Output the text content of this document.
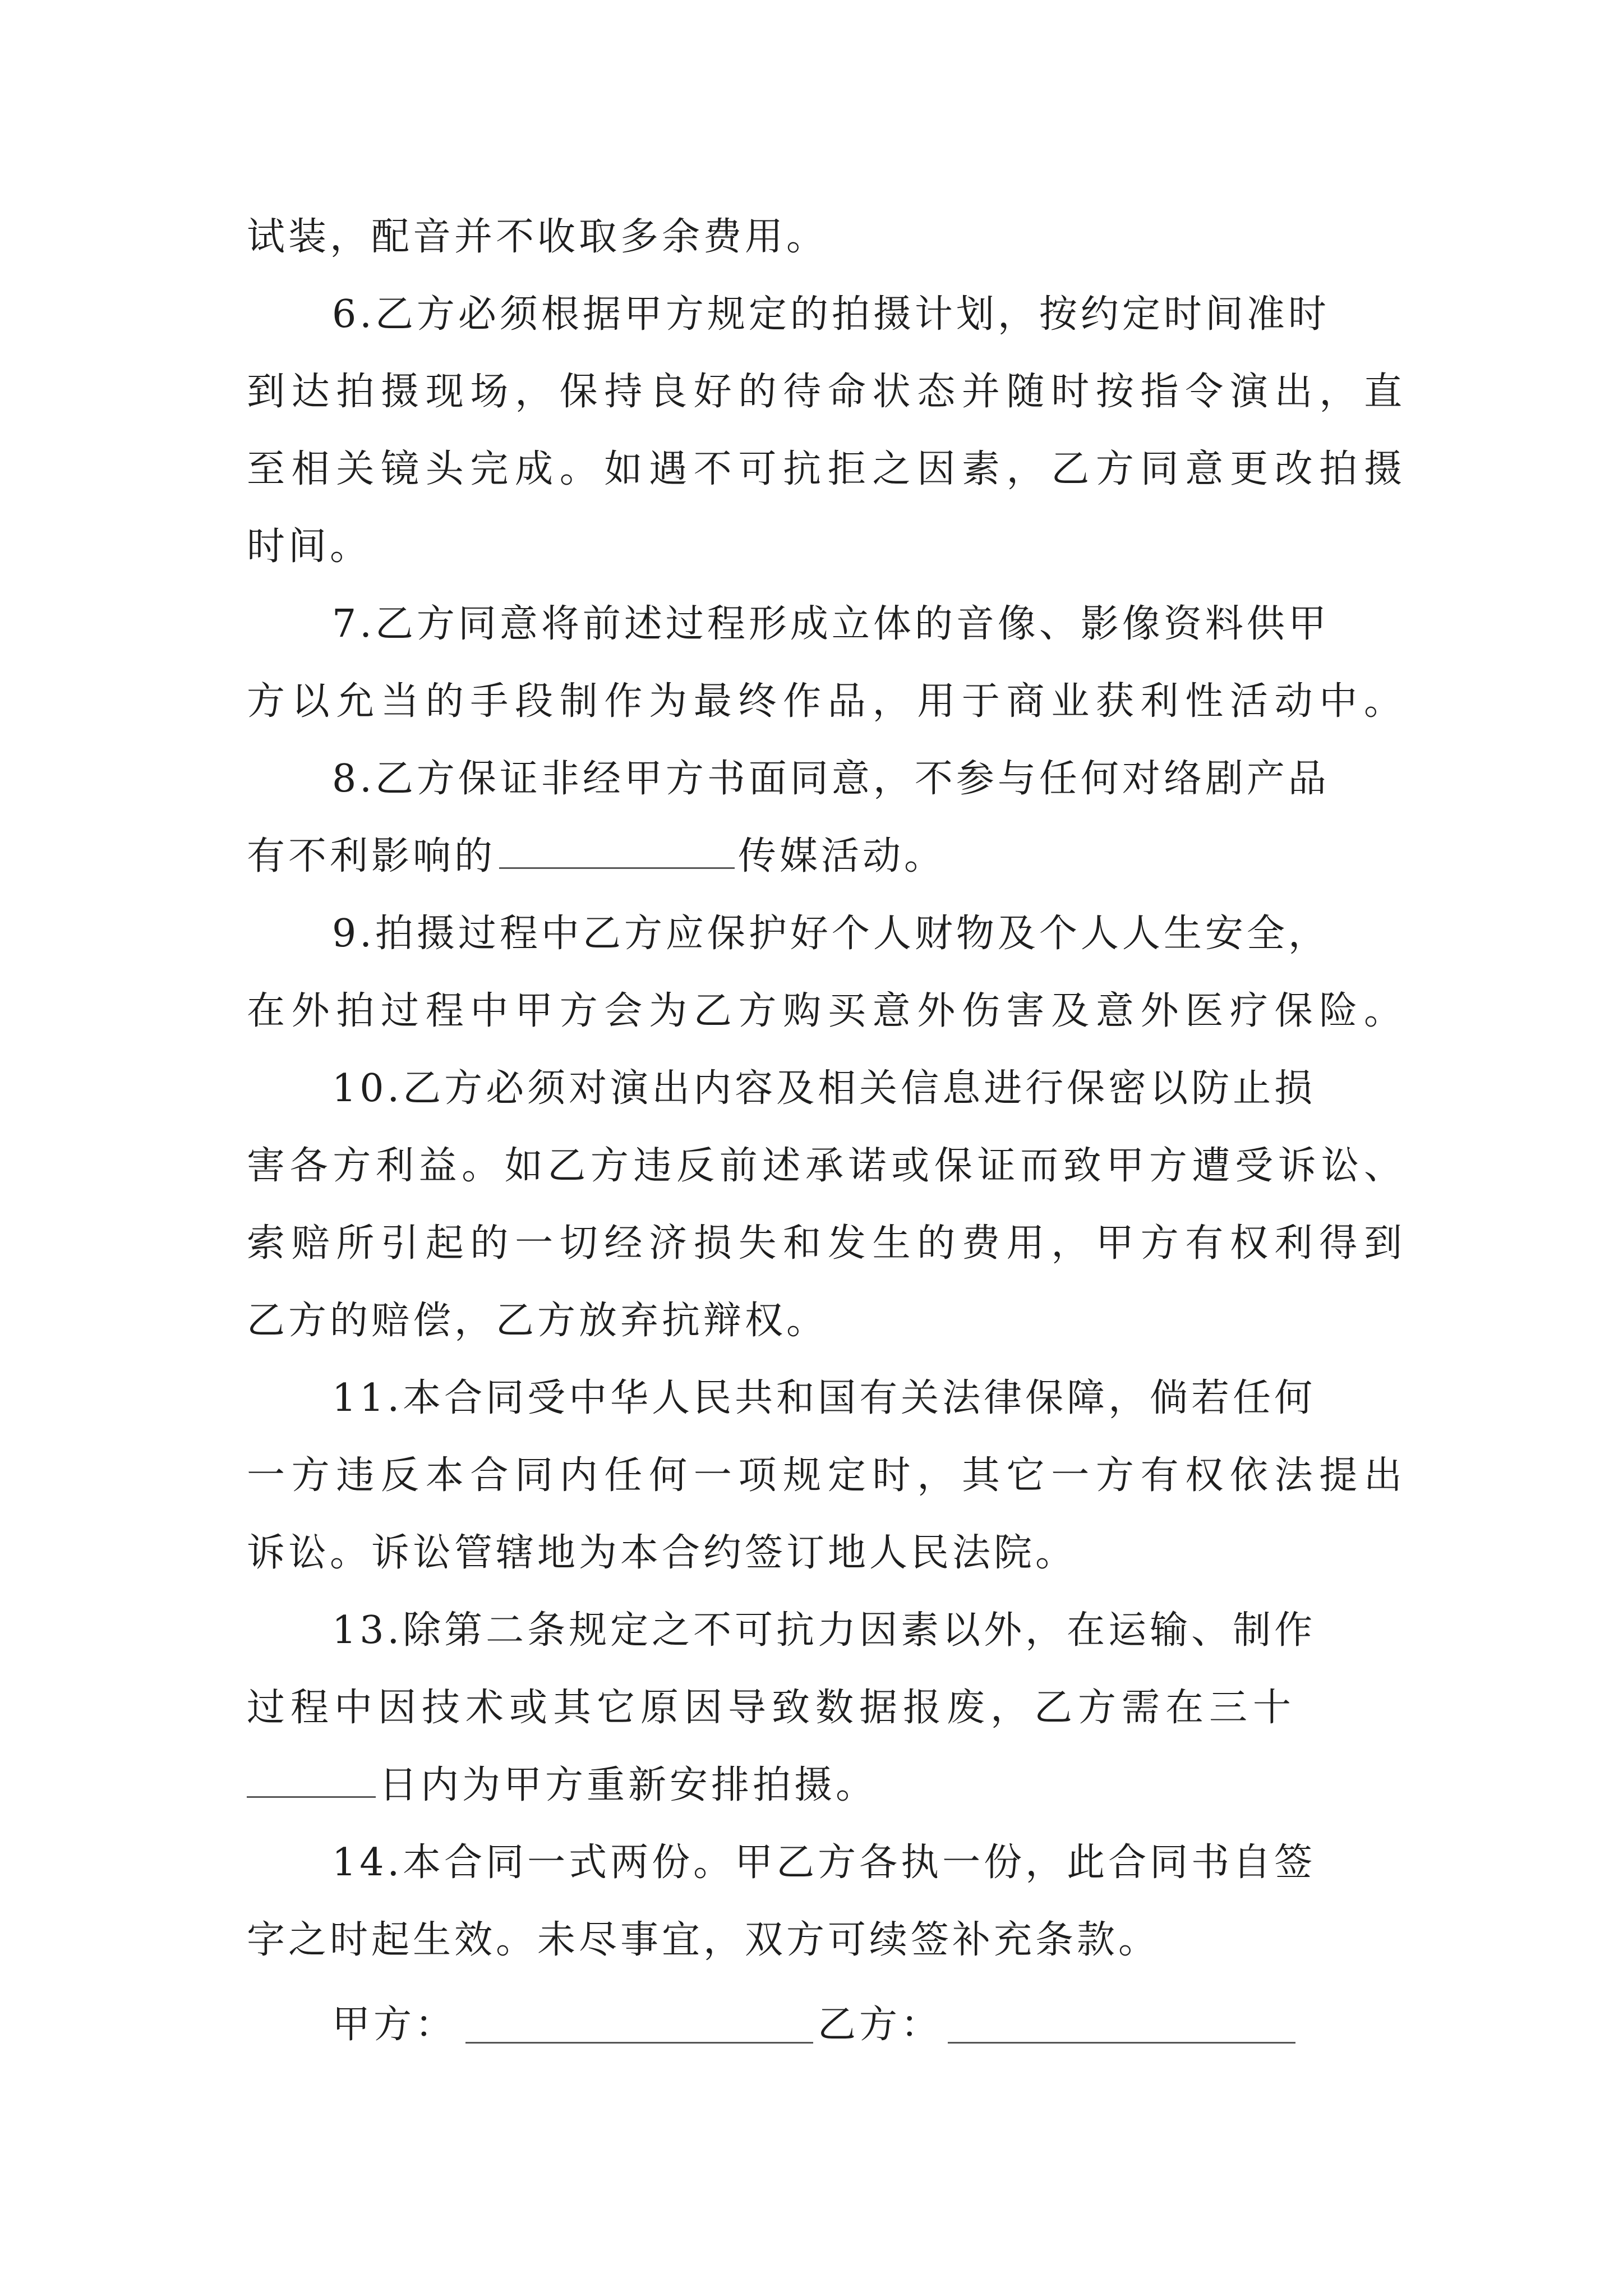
试装，配音并不收取多余费用。
6.乙方必须根据甲方规定的拍摄计划，按约定时间准时
到达拍摄现场，保持良好的待命状态并随时按指令演出，直
至相关镜头完成。如遇不可抗拒之因素，乙方同意更改拍摄
时间。
7.乙方同意将前述过程形成立体的音像、影像资料供甲
方以允当的手段制作为最终作品，用于商业获利性活动中。
8.乙方保证非经甲方书面同意，不参与任何对络剧产品
有不利影响的	传媒活动。
9.拍摄过程中乙方应保护好个人财物及个人人生安全，
在外拍过程中甲方会为乙方购买意外伤害及意外医疗保险。
10.乙方必须对演出内容及相关信息进行保密以防止损
害各方利益。如乙方违反前述承诺或保证而致甲方遭受诉讼、
索赔所引起的一切经济损失和发生的费用，甲方有权利得到
乙方的赔偿，乙方放弃抗辩权。
11.本合同受中华人民共和国有关法律保障，倘若任何
一方违反本合同内任何一项规定时，其它一方有权依法提出
诉讼。诉讼管辖地为本合约签订地人民法院。
13.除第二条规定之不可抗力因素以外，在运输、制作
过程中因技术或其它原因导致数据报废，乙方需在三十
日内为甲方重新安排拍摄。
14.本合同一式两份。甲乙方各执一份，此合同书自签
字之时起生效。未尽事宜，双方可续签补充条款。
甲方：	乙方：
